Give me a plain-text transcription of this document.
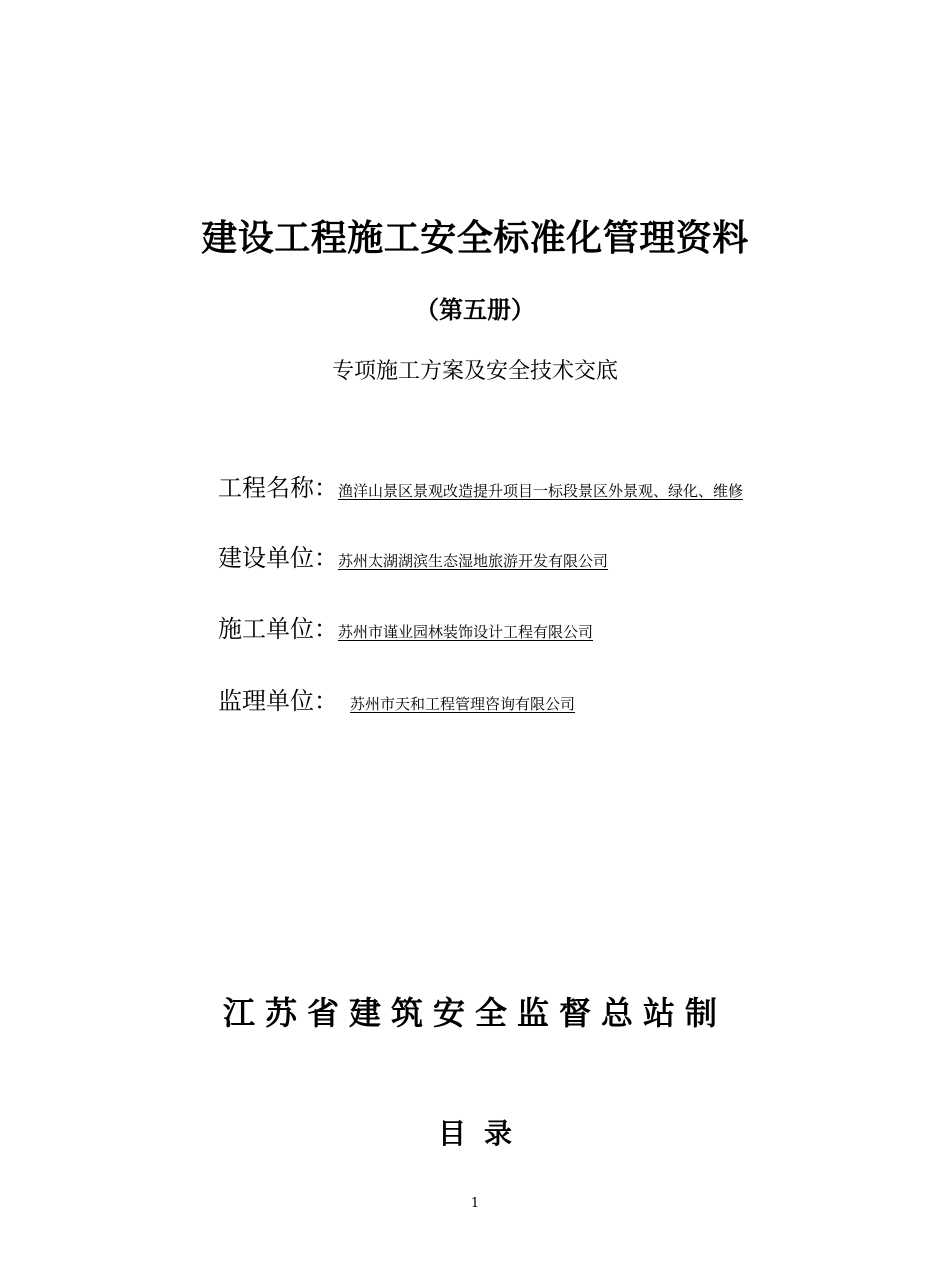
建设工程施工安全标准化管理资料
（第五册）
专项施工方案及安全技术交底
工程名称：渔洋山景区景观改造提升项目一标段景区外景观、绿化、维修
建设单位：苏州太湖湖滨生态湿地旅游开发有限公司
施工单位：苏州市谨业园林装饰设计工程有限公司
监理单位： 苏州市天和工程管理咨询有限公司
江苏省建筑安全监督总站制
目录
1
